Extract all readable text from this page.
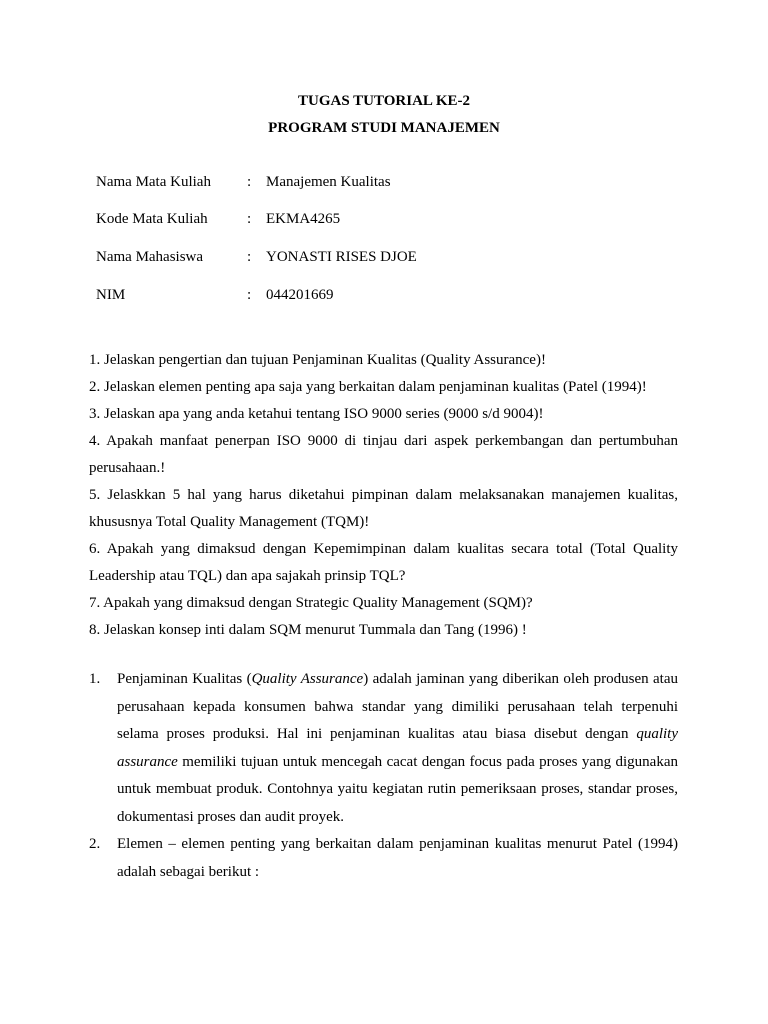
TUGAS TUTORIAL KE-2
PROGRAM STUDI MANAJEMEN
Nama Mata Kuliah : Manajemen Kualitas
Kode Mata Kuliah	: EKMA4265
Nama Mahasiswa	: YONASTI RISES DJOE
NIM	: 044201669

1. Jelaskan pengertian dan tujuan Penjaminan Kualitas (Quality Assurance)!

2. Jelaskan elemen penting apa saja yang berkaitan dalam penjaminan kualitas (Patel (1994)!

3. Jelaskan apa yang anda ketahui tentang ISO 9000 series (9000 s/d 9004)!

4. Apakah manfaat penerpan ISO 9000 di tinjau dari aspek perkembangan dan pertumbuhan perusahaan.!

5. Jelaskkan 5 hal yang harus diketahui pimpinan dalam melaksanakan manajemen kualitas, khususnya Total Quality Management (TQM)!

6. Apakah yang dimaksud dengan Kepemimpinan dalam kualitas secara total (Total Quality Leadership atau TQL) dan apa sajakah prinsip TQL?

7. Apakah yang dimaksud dengan Strategic Quality Management (SQM)?

8. Jelaskan konsep inti dalam SQM menurut Tummala dan Tang (1996) !

1. Penjaminan Kualitas (Quality Assurance) adalah jaminan yang diberikan oleh produsen atau perusahaan kepada konsumen bahwa standar yang dimiliki perusahaan telah terpenuhi selama proses produksi. Hal ini penjaminan kualitas atau biasa disebut dengan quality assurance memiliki tujuan untuk mencegah cacat dengan focus pada proses yang digunakan untuk membuat produk. Contohnya yaitu kegiatan rutin pemeriksaan proses, standar proses, dokumentasi proses dan audit proyek.

2. Elemen – elemen penting yang berkaitan dalam penjaminan kualitas menurut Patel (1994) adalah sebagai berikut :
